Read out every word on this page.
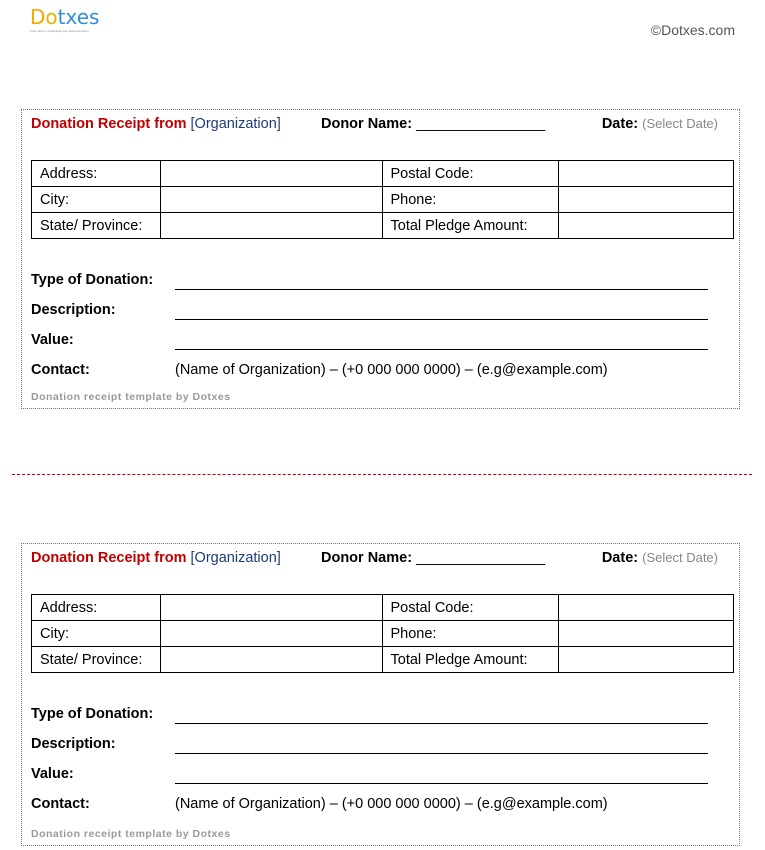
Dotxes
Free tools to streamline your documentation	©Dotxes.com
Donation Receipt from [Organization]	Donor Name: _________________	Date: (Select Date)
Address:		Postal Code:	
City:		Phone:	
State/ Province:		Total Pledge Amount:	
Type of Donation:
Description:
Value:
Contact:	(Name of Organization) – (+0 000 000 0000) – (e.g@example.com)
Donation receipt template by Dotxes
Donation Receipt from [Organization]	Donor Name: _________________	Date: (Select Date)
Address:		Postal Code:	
City:		Phone:	
State/ Province:		Total Pledge Amount:	
Type of Donation:
Description:
Value:
Contact:	(Name of Organization) – (+0 000 000 0000) – (e.g@example.com)
Donation receipt template by Dotxes
